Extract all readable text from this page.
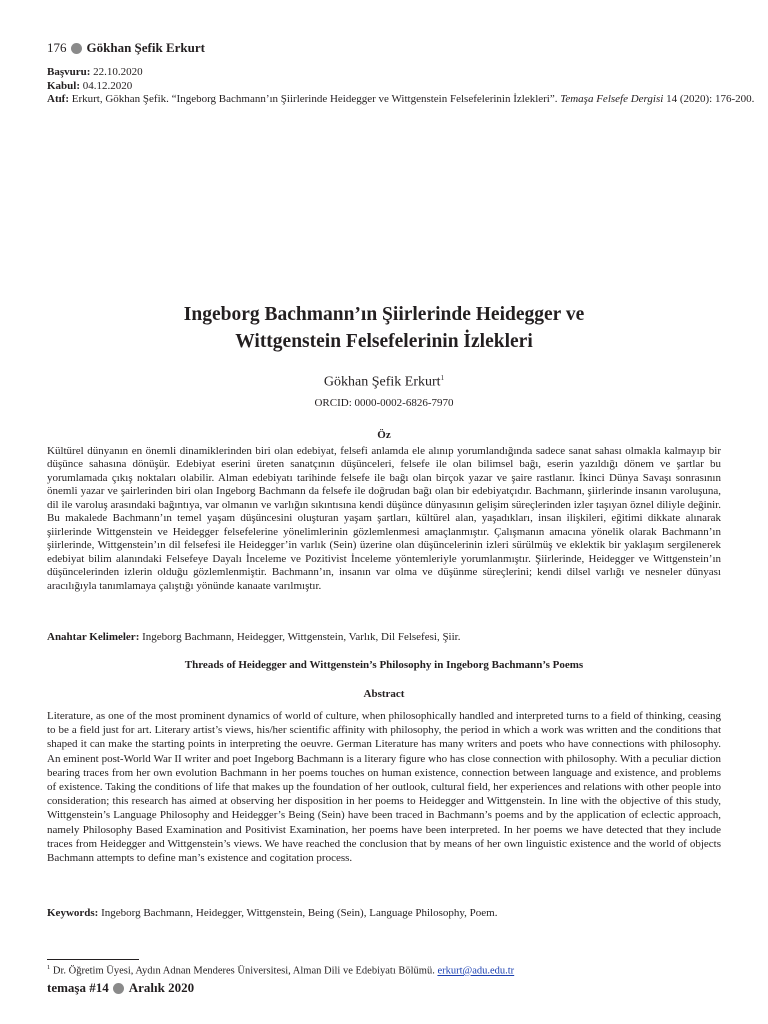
176 Gökhan Şefik Erkurt
Başvuru: 22.10.2020
Kabul: 04.12.2020
Atıf: Erkurt, Gökhan Şefik. “Ingeborg Bachmann’ın Şiirlerinde Heidegger ve Wittgenstein Felsefelerinin İzlekleri”. Temaşa Felsefe Dergisi 14 (2020): 176-200.
Ingeborg Bachmann’ın Şiirlerinde Heidegger ve
Wittgenstein Felsefelerinin İzlekleri
Gökhan Şefik Erkurt$^1$
ORCID: 0000-0002-6826-7970
Öz
Kültürel dünyanın en önemli dinamiklerinden biri olan edebiyat, felsefi anlamda ele alınıp yorumlandığında sadece sanat sahası olmakla kalmayıp bir düşünce sahasına dönüşür. Edebiyat eserini üreten sanatçının düşünceleri, felsefe ile olan bilimsel bağı, eserin yazıldığı dönem ve şartlar bu yorumlamada çıkış noktaları olabilir. Alman edebiyatı tarihinde felsefe ile bağı olan birçok yazar ve şaire rastlanır. İkinci Dünya Savaşı sonrasının önemli yazar ve şairlerinden biri olan Ingeborg Bachmann da felsefe ile doğrudan bağı olan bir edebiyatçıdır. Bachmann, şiirlerinde insanın varoluşuna, dil ile varoluş arasındaki bağıntıya, var olmanın ve varlığın sıkıntısına kendi düşünce dünyasının gelişim süreçlerinden izler taşıyan öznel diliyle değinir. Bu makalede Bachmann’ın temel yaşam düşüncesini oluşturan yaşam şartları, kültürel alan, yaşadıkları, insan ilişkileri, eğitimi dikkate alınarak şiirlerinde Wittgenstein ve Heidegger felsefelerine yönelimlerinin gözlemlenmesi amaçlanmıştır. Çalışmanın amacına yönelik olarak Bachmann’ın şiirlerinde, Wittgenstein’ın dil felsefesi ile Heidegger’in varlık (Sein) üzerine olan düşüncelerinin izleri sürülmüş ve eklektik bir yaklaşım sergilenerek edebiyat bilim alanındaki Felsefeye Dayalı İnceleme ve Pozitivist İnceleme yöntemleriyle yorumlanmıştır. Şiirlerinde, Heidegger ve Wittgenstein’ın düşüncelerinden izlerin olduğu gözlemlenmiştir. Bachmann’ın, insanın var olma ve düşünme süreçlerini; kendi dilsel varlığı ve nesneler dünyası aracılığıyla tanımlamaya çalıştığı yönünde kanaate varılmıştır.
Anahtar Kelimeler: Ingeborg Bachmann, Heidegger, Wittgenstein, Varlık, Dil Felsefesi, Şiir.
Threads of Heidegger and Wittgenstein’s Philosophy in Ingeborg Bachmann’s Poems
Abstract
Literature, as one of the most prominent dynamics of world of culture, when philosophically handled and interpreted turns to a field of thinking, ceasing to be a field just for art. Literary artist’s views, his/her scientific affinity with philosophy, the period in which a work was written and the conditions that shaped it can make the starting points in interpreting the oeuvre. German Literature has many writers and poets who have connections with philosophy. An eminent post-World War II writer and poet Ingeborg Bachmann is a literary figure who has close connection with philosophy. With a peculiar diction bearing traces from her own evolution Bachmann in her poems touches on human existence, connection between language and existence, and problems of existence. Taking the conditions of life that makes up the foundation of her outlook, cultural field, her experiences and relations with other people into consideration; this research has aimed at observing her disposition in her poems to Heidegger and Wittgenstein. In line with the objective of this study, Wittgenstein’s Language Philosophy and Heidegger’s Being (Sein) have been traced in Bachmann’s poems and by the application of eclectic approach, namely Philosophy Based Examination and Positivist Examination, her poems have been interpreted. In her poems we have detected that they include traces from Heidegger and Wittgenstein’s views. We have reached the conclusion that by means of her own linguistic existence and the world of objects Bachmann attempts to define man’s existence and cogitation process.
Keywords: Ingeborg Bachmann, Heidegger, Wittgenstein, Being (Sein), Language Philosophy, Poem.
$^1$ Dr. Öğretim Üyesi, Aydın Adnan Menderes Üniversitesi, Alman Dili ve Edebiyatı Bölümü. erkurt@adu.edu.tr
temaşa #14 Aralık 2020
